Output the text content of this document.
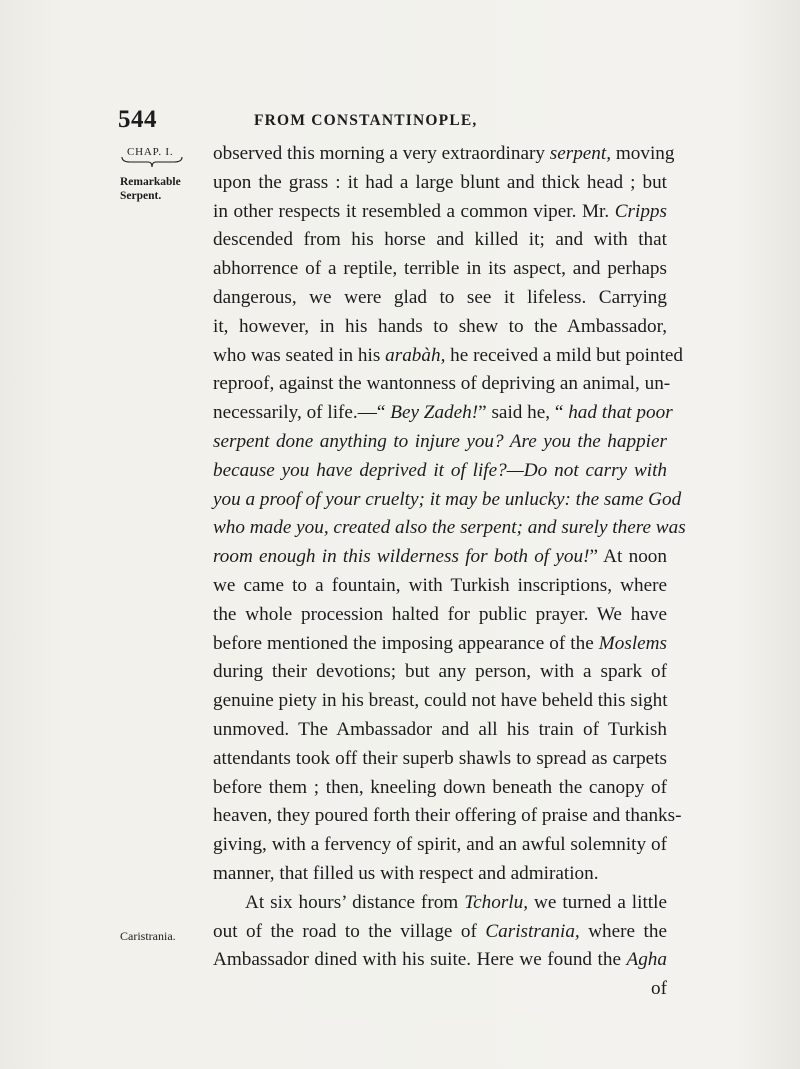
544	FROM CONSTANTINOPLE,
CHAP. I.
Remarkable
Serpent.
Caristrania.
observed this morning a very extraordinary serpent, moving
upon the grass : it had a large blunt and thick head ; but
in other respects it resembled a common viper. Mr. Cripps
descended from his horse and killed it; and with that
abhorrence of a reptile, terrible in its aspect, and perhaps
dangerous, we were glad to see it lifeless. Carrying
it, however, in his hands to shew to the Ambassador,
who was seated in his arabàh, he received a mild but pointed
reproof, against the wantonness of depriving an animal, un-
necessarily, of life.—“ Bey Zadeh!” said he, “ had that poor
serpent done anything to injure you? Are you the happier
because you have deprived it of life?—Do not carry with
you a proof of your cruelty; it may be unlucky: the same God
who made you, created also the serpent; and surely there was
room enough in this wilderness for both of you!” At noon
we came to a fountain, with Turkish inscriptions, where
the whole procession halted for public prayer. We have
before mentioned the imposing appearance of the Moslems
during their devotions; but any person, with a spark of
genuine piety in his breast, could not have beheld this sight
unmoved. The Ambassador and all his train of Turkish
attendants took off their superb shawls to spread as carpets
before them ; then, kneeling down beneath the canopy of
heaven, they poured forth their offering of praise and thanks-
giving, with a fervency of spirit, and an awful solemnity of
manner, that filled us with respect and admiration.
At six hours’ distance from Tchorlu, we turned a little
out of the road to the village of Caristrania, where the
Ambassador dined with his suite. Here we found the Agha
of
